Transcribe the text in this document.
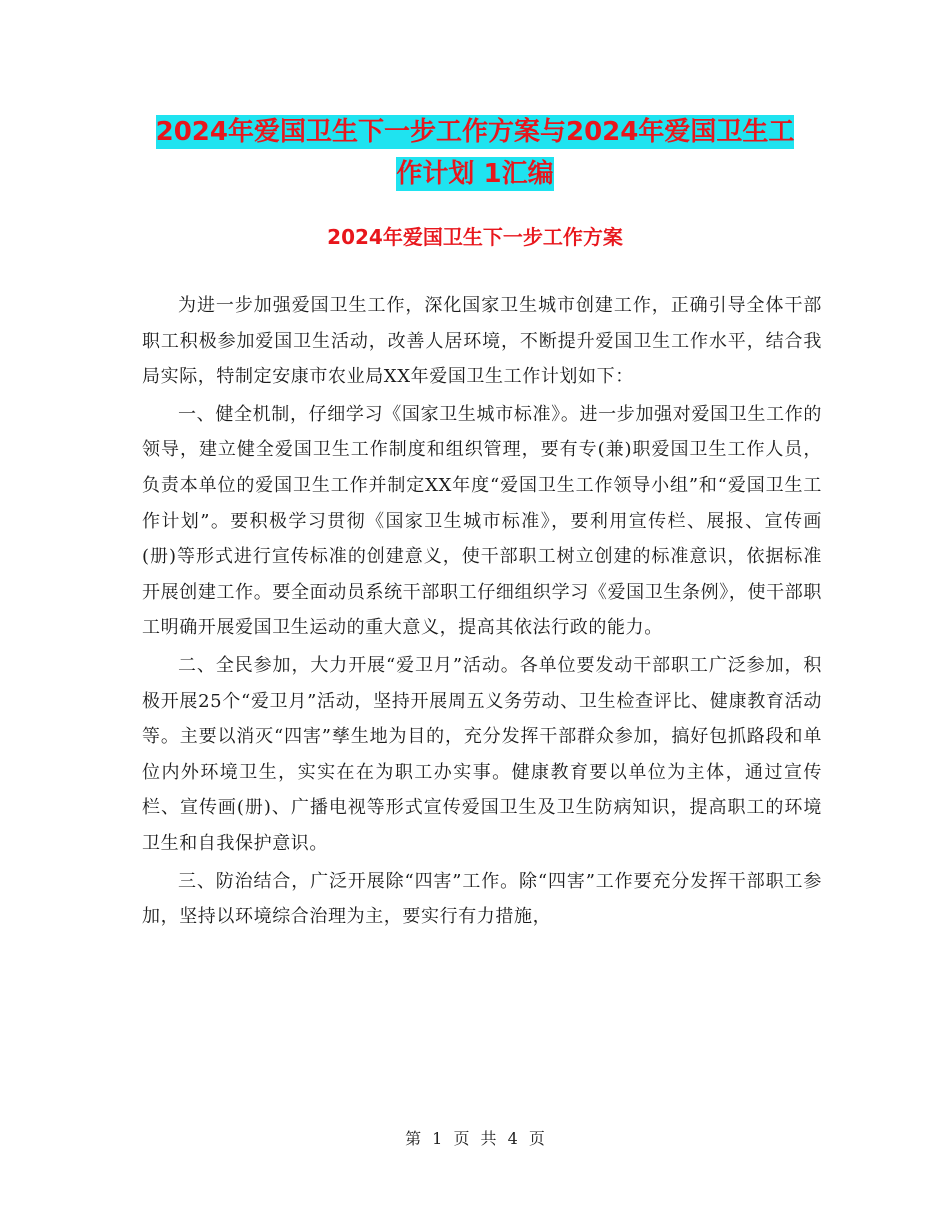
2024年爱国卫生下一步工作方案与2024年爱国卫生工
作计划 1汇编
2024年爱国卫生下一步工作方案

为进一步加强爱国卫生工作，深化国家卫生城市创建工作，正确引导全体干部职工积极参加爱国卫生活动，改善人居环境，不断提升爱国卫生工作水平，结合我局实际，特制定安康市农业局XX年爱国卫生工作计划如下：

一、健全机制，仔细学习《国家卫生城市标准》。进一步加强对爱国卫生工作的领导，建立健全爱国卫生工作制度和组织管理，要有专(兼)职爱国卫生工作人员，负责本单位的爱国卫生工作并制定XX年度“爱国卫生工作领导小组”和“爱国卫生工作计划”。要积极学习贯彻《国家卫生城市标准》，要利用宣传栏、展报、宣传画(册)等形式进行宣传标准的创建意义，使干部职工树立创建的标准意识，依据标准开展创建工作。要全面动员系统干部职工仔细组织学习《爱国卫生条例》，使干部职工明确开展爱国卫生运动的重大意义，提高其依法行政的能力。

二、全民参加，大力开展“爱卫月”活动。各单位要发动干部职工广泛参加，积极开展25个“爱卫月”活动，坚持开展周五义务劳动、卫生检查评比、健康教育活动等。主要以消灭“四害”孳生地为目的，充分发挥干部群众参加，搞好包抓路段和单位内外环境卫生，实实在在为职工办实事。健康教育要以单位为主体，通过宣传栏、宣传画(册)、广播电视等形式宣传爱国卫生及卫生防病知识，提高职工的环境卫生和自我保护意识。

三、防治结合，广泛开展除“四害”工作。除“四害”工作要充分发挥干部职工参加，坚持以环境综合治理为主，要实行有力措施，

第 1 页 共 4 页
